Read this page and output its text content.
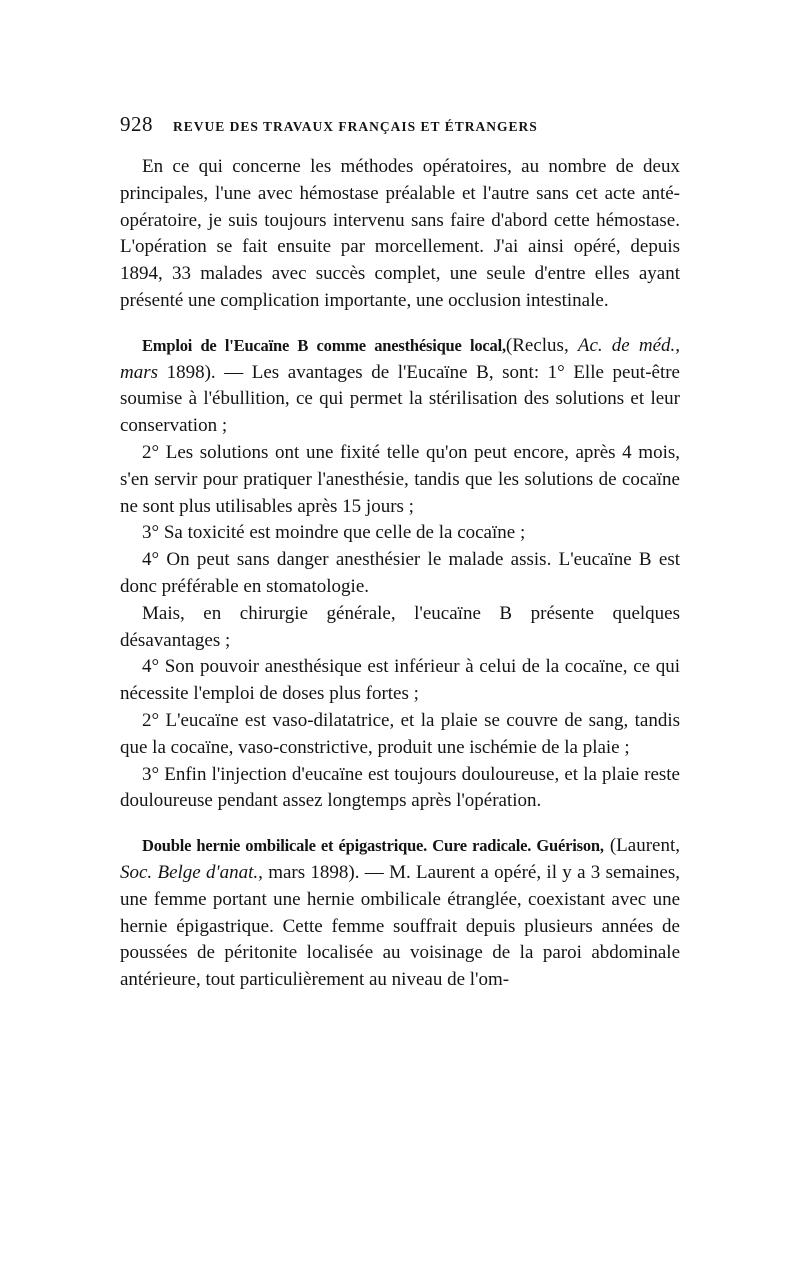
928 REVUE DES TRAVAUX FRANÇAIS ET ÉTRANGERS

En ce qui concerne les méthodes opératoires, au nombre de deux principales, l'une avec hémostase préalable et l'autre sans cet acte anté-opératoire, je suis toujours intervenu sans faire d'abord cette hémostase. L'opération se fait ensuite par morcellement. J'ai ainsi opéré, depuis 1894, 33 malades avec succès complet, une seule d'entre elles ayant présenté une complication importante, une occlusion intestinale.

Emploi de l'Eucaïne B comme anesthésique local,(Reclus, Ac. de méd., mars 1898). — Les avantages de l'Eucaïne B, sont: 1° Elle peut-être soumise à l'ébullition, ce qui permet la stérilisation des solutions et leur conservation ;

2° Les solutions ont une fixité telle qu'on peut encore, après 4 mois, s'en servir pour pratiquer l'anesthésie, tandis que les solutions de cocaïne ne sont plus utilisables après 15 jours ;

3° Sa toxicité est moindre que celle de la cocaïne ;

4° On peut sans danger anesthésier le malade assis. L'eucaïne B est donc préférable en stomatologie.

Mais, en chirurgie générale, l'eucaïne B présente quelques désavantages ;

4° Son pouvoir anesthésique est inférieur à celui de la cocaïne, ce qui nécessite l'emploi de doses plus fortes ;

2° L'eucaïne est vaso-dilatatrice, et la plaie se couvre de sang, tandis que la cocaïne, vaso-constrictive, produit une ischémie de la plaie ;

3° Enfin l'injection d'eucaïne est toujours douloureuse, et la plaie reste douloureuse pendant assez longtemps après l'opération.

Double hernie ombilicale et épigastrique. Cure radicale. Guérison, (Laurent, Soc. Belge d'anat., mars 1898). — M. Laurent a opéré, il y a 3 semaines, une femme portant une hernie ombilicale étranglée, coexistant avec une hernie épigastrique. Cette femme souffrait depuis plusieurs années de poussées de péritonite localisée au voisinage de la paroi abdominale antérieure, tout particulièrement au niveau de l'om-
